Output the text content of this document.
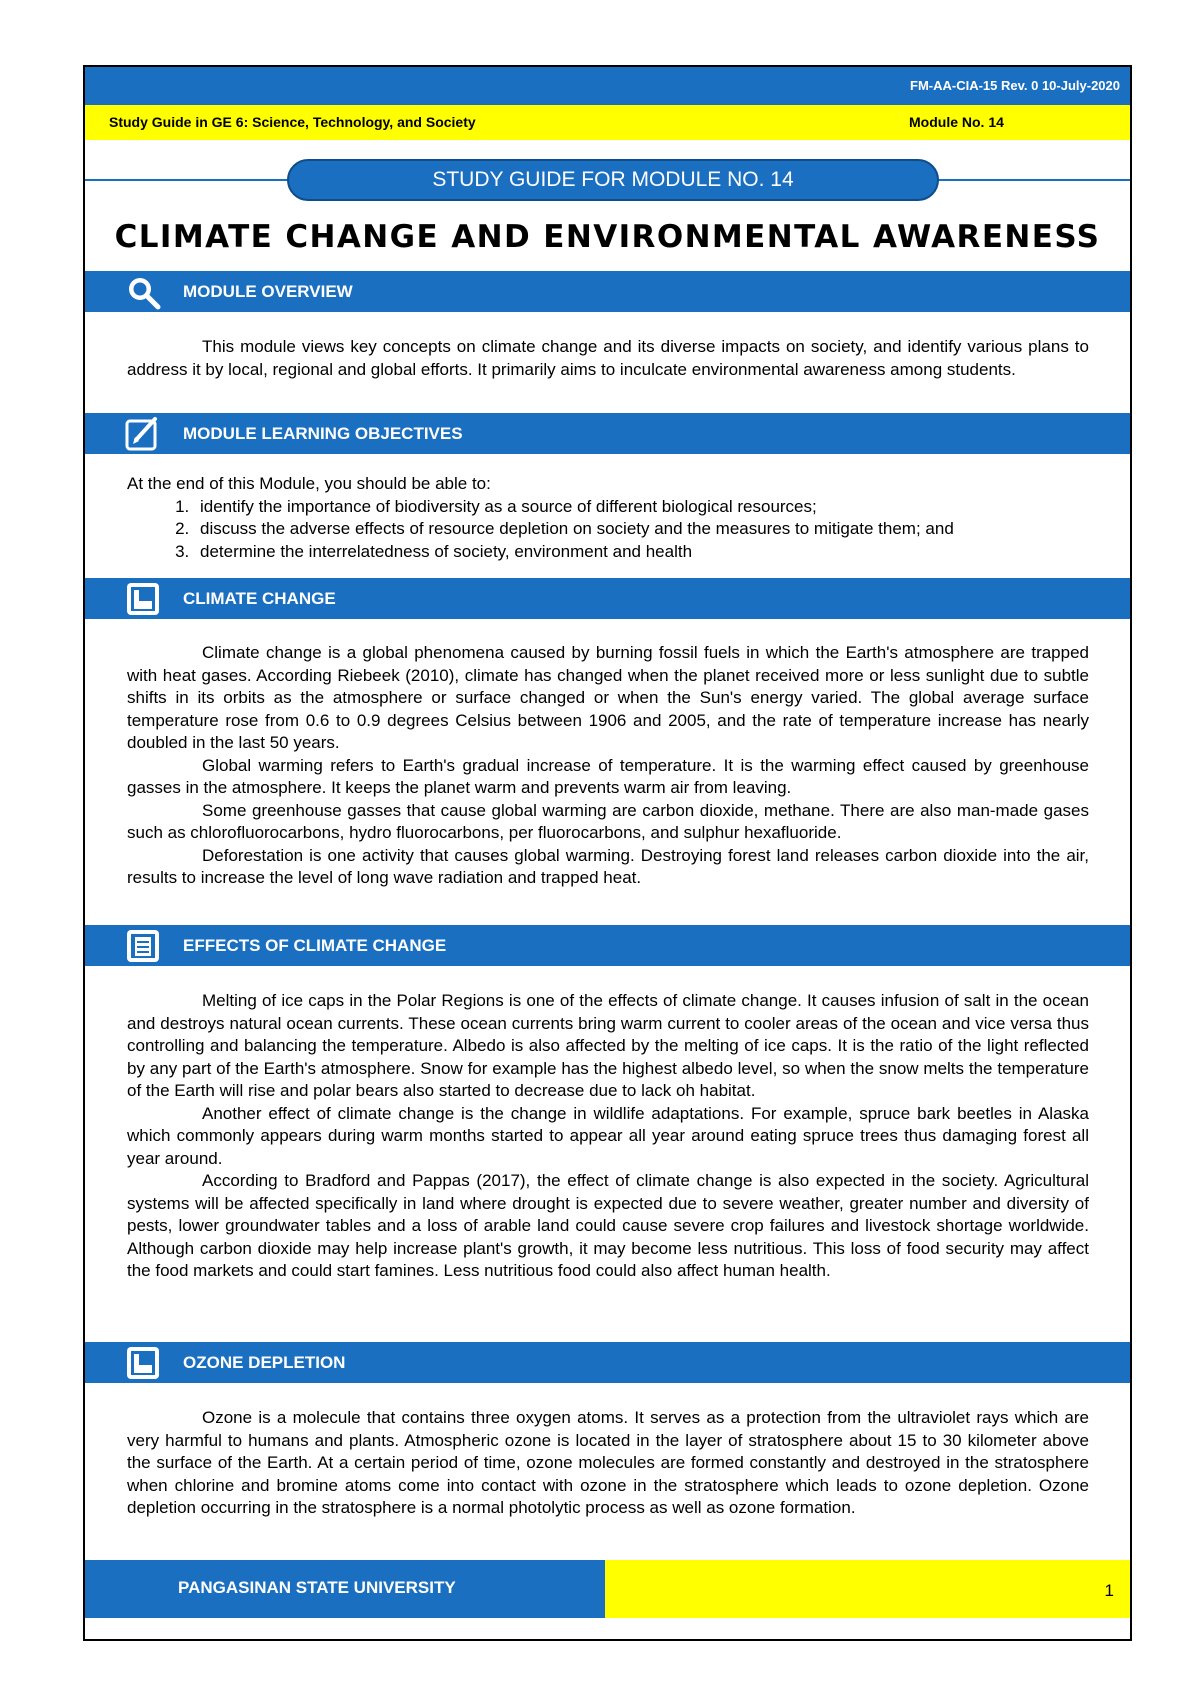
FM-AA-CIA-15 Rev. 0 10-July-2020
Study Guide in GE 6: Science, Technology, and Society	Module No. 14
STUDY GUIDE FOR MODULE NO. 14
CLIMATE CHANGE AND ENVIRONMENTAL AWARENESS
MODULE OVERVIEW

This module views key concepts on climate change and its diverse impacts on society, and identify various plans to address it by local, regional and global efforts. It primarily aims to inculcate environmental awareness among students.

MODULE LEARNING OBJECTIVES
At the end of this Module, you should be able to:
1. identify the importance of biodiversity as a source of different biological resources;
2. discuss the adverse effects of resource depletion on society and the measures to mitigate them; and
3. determine the interrelatedness of society, environment and health
CLIMATE CHANGE

Climate change is a global phenomena caused by burning fossil fuels in which the Earth's atmosphere are trapped with heat gases. According Riebeek (2010), climate has changed when the planet received more or less sunlight due to subtle shifts in its orbits as the atmosphere or surface changed or when the Sun's energy varied. The global average surface temperature rose from 0.6 to 0.9 degrees Celsius between 1906 and 2005, and the rate of temperature increase has nearly doubled in the last 50 years.

Global warming refers to Earth's gradual increase of temperature. It is the warming effect caused by greenhouse gasses in the atmosphere. It keeps the planet warm and prevents warm air from leaving.

Some greenhouse gasses that cause global warming are carbon dioxide, methane. There are also man-made gases such as chlorofluorocarbons, hydro fluorocarbons, per fluorocarbons, and sulphur hexafluoride.

Deforestation is one activity that causes global warming. Destroying forest land releases carbon dioxide into the air, results to increase the level of long wave radiation and trapped heat.

EFFECTS OF CLIMATE CHANGE

Melting of ice caps in the Polar Regions is one of the effects of climate change. It causes infusion of salt in the ocean and destroys natural ocean currents. These ocean currents bring warm current to cooler areas of the ocean and vice versa thus controlling and balancing the temperature. Albedo is also affected by the melting of ice caps. It is the ratio of the light reflected by any part of the Earth's atmosphere. Snow for example has the highest albedo level, so when the snow melts the temperature of the Earth will rise and polar bears also started to decrease due to lack oh habitat.

Another effect of climate change is the change in wildlife adaptations. For example, spruce bark beetles in Alaska which commonly appears during warm months started to appear all year around eating spruce trees thus damaging forest all year around.

According to Bradford and Pappas (2017), the effect of climate change is also expected in the society. Agricultural systems will be affected specifically in land where drought is expected due to severe weather, greater number and diversity of pests, lower groundwater tables and a loss of arable land could cause severe crop failures and livestock shortage worldwide. Although carbon dioxide may help increase plant's growth, it may become less nutritious. This loss of food security may affect the food markets and could start famines. Less nutritious food could also affect human health.

OZONE DEPLETION

Ozone is a molecule that contains three oxygen atoms. It serves as a protection from the ultraviolet rays which are very harmful to humans and plants. Atmospheric ozone is located in the layer of stratosphere about 15 to 30 kilometer above the surface of the Earth. At a certain period of time, ozone molecules are formed constantly and destroyed in the stratosphere when chlorine and bromine atoms come into contact with ozone in the stratosphere which leads to ozone depletion. Ozone depletion occurring in the stratosphere is a normal photolytic process as well as ozone formation.

PANGASINAN STATE UNIVERSITY	1
